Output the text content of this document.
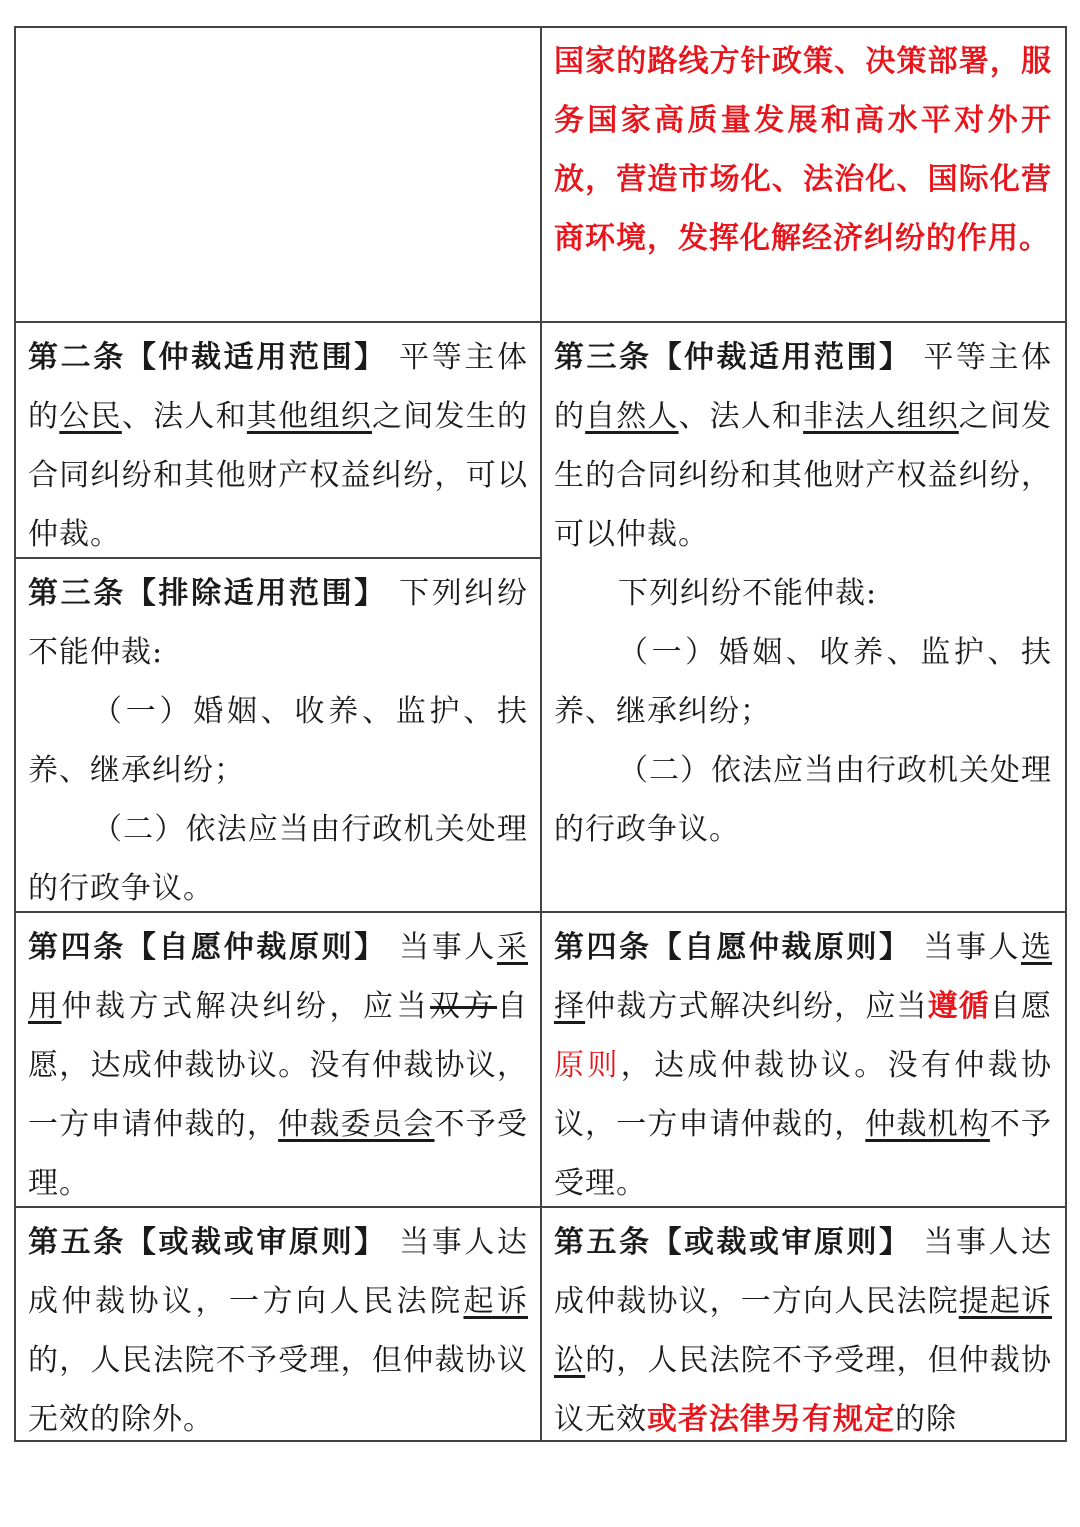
国家的路线方针政策、决策部署，服务国家高质量发展和高水平对外开放，营造市场化、法治化、国际化营商环境，发挥化解经济纠纷的作用。

第二条【仲裁适用范围】 平等主体的公民、法人和其他组织之间发生的合同纠纷和其他财产权益纠纷，可以仲裁。

第三条【仲裁适用范围】 平等主体的自然人、法人和非法人组织之间发生的合同纠纷和其他财产权益纠纷，可以仲裁。

下列纠纷不能仲裁:

（一）婚姻、收养、监护、扶养、继承纠纷；

（二）依法应当由行政机关处理的行政争议。

第三条【排除适用范围】 下列纠纷不能仲裁:

（一）婚姻、收养、监护、扶养、继承纠纷；

（二）依法应当由行政机关处理的行政争议。

第四条【自愿仲裁原则】 当事人采用仲裁方式解决纠纷，应当双方自愿，达成仲裁协议。没有仲裁协议，一方申请仲裁的，仲裁委员会不予受理。

第四条【自愿仲裁原则】 当事人选择仲裁方式解决纠纷，应当遵循自愿原则，达成仲裁协议。没有仲裁协议，一方申请仲裁的，仲裁机构不予受理。

第五条【或裁或审原则】 当事人达成仲裁协议，一方向人民法院起诉的，人民法院不予受理，但仲裁协议无效的除外。

第五条【或裁或审原则】 当事人达成仲裁协议，一方向人民法院提起诉讼的，人民法院不予受理，但仲裁协议无效或者法律另有规定的除
